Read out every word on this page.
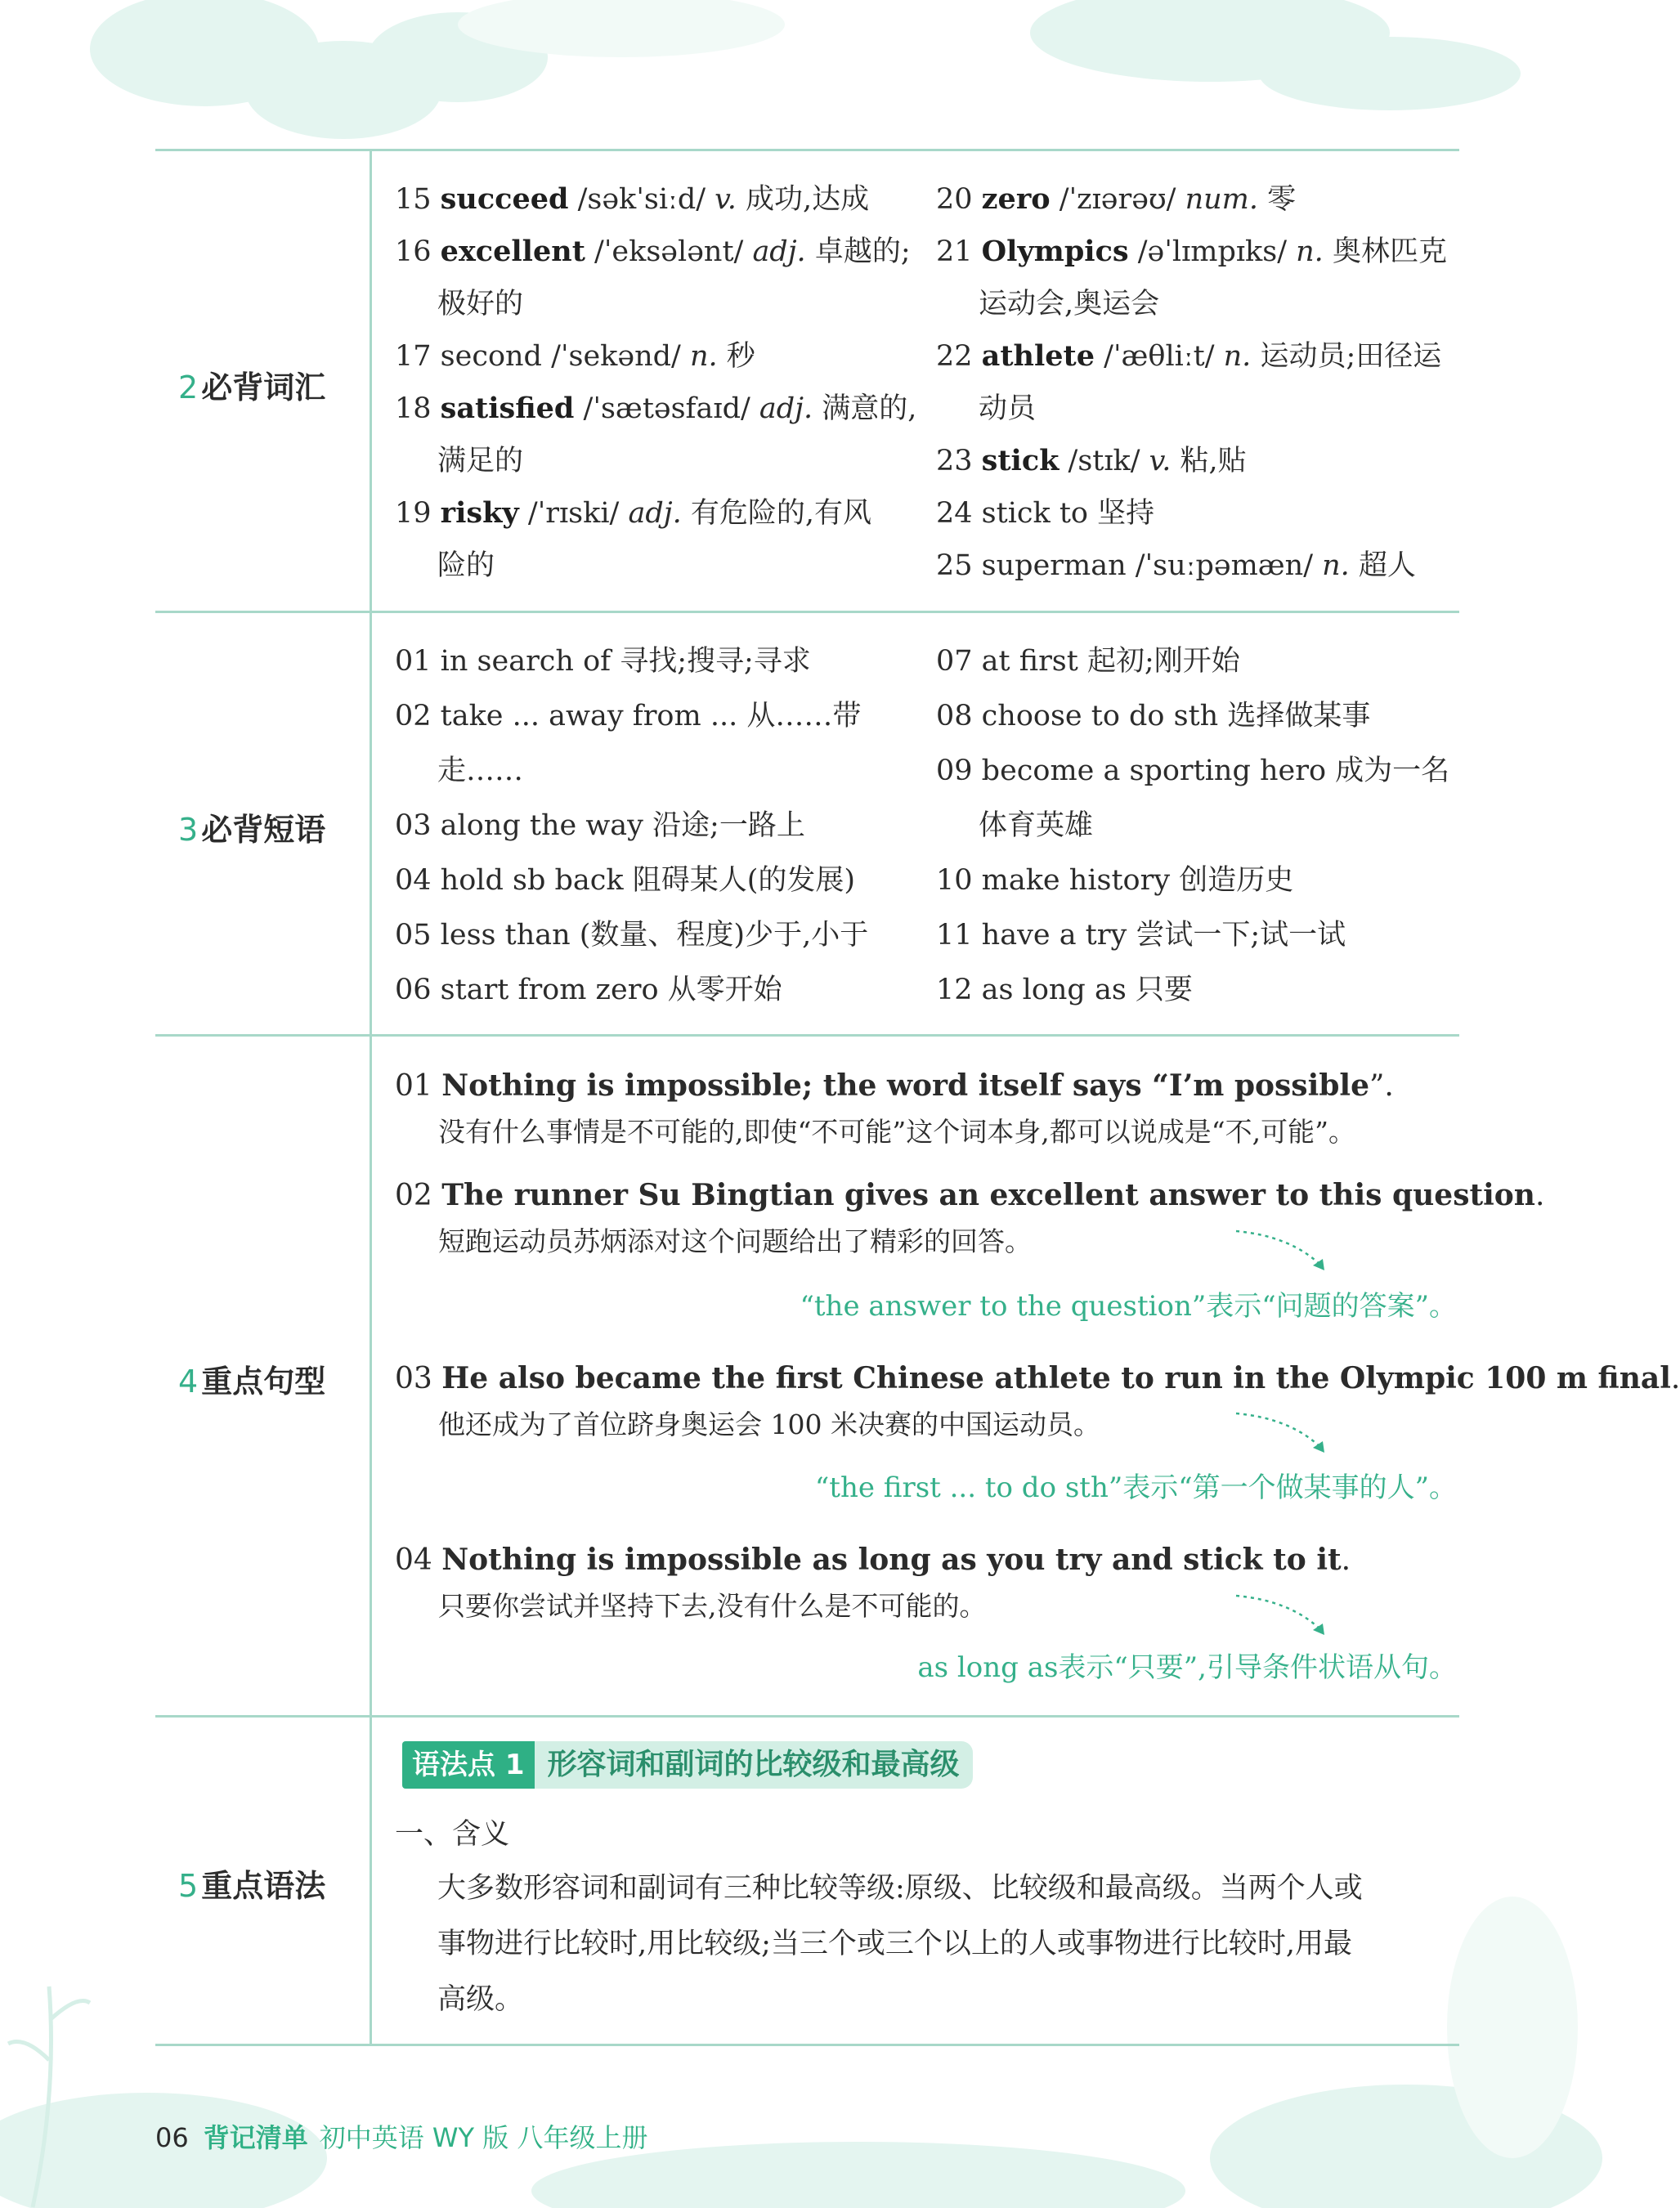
2 必背词汇
15 succeed /səkˈsiːd/ v. 成功,达成
16 excellent /ˈeksələnt/ adj. 卓越的;
极好的
17 second /ˈsekənd/ n. 秒
18 satisfied /ˈsætəsfaɪd/ adj. 满意的,
满足的
19 risky /ˈrɪski/ adj. 有危险的,有风
险的
20 zero /ˈzɪərəʊ/ num. 零
21 Olympics /əˈlɪmpɪks/ n. 奥林匹克
运动会,奥运会
22 athlete /ˈæθliːt/ n. 运动员;田径运
动员
23 stick /stɪk/ v. 粘,贴
24 stick to 坚持
25 superman /ˈsuːpəmæn/ n. 超人
3 必背短语
01 in search of 寻找;搜寻;寻求
02 take ... away from ... 从……带
走……
03 along the way 沿途;一路上
04 hold sb back 阻碍某人(的发展)
05 less than (数量、程度)少于,小于
06 start from zero 从零开始
07 at first 起初;刚开始
08 choose to do sth 选择做某事
09 become a sporting hero 成为一名
体育英雄
10 make history 创造历史
11 have a try 尝试一下;试一试
12 as long as 只要
4 重点句型
01 Nothing is impossible; the word itself says “I’m possible”.
没有什么事情是不可能的,即使“不可能”这个词本身,都可以说成是“不,可能”。
02 The runner Su Bingtian gives an excellent answer to this question.
短跑运动员苏炳添对这个问题给出了精彩的回答。
“the answer to the question”表示“问题的答案”。
03 He also became the first Chinese athlete to run in the Olympic 100 m final.
他还成为了首位跻身奥运会 100 米决赛的中国运动员。
“the first ... to do sth”表示“第一个做某事的人”。
04 Nothing is impossible as long as you try and stick to it.
只要你尝试并坚持下去,没有什么是不可能的。
as long as表示“只要”,引导条件状语从句。
5 重点语法
语法点 1 形容词和副词的比较级和最高级
一、含义
大多数形容词和副词有三种比较等级:原级、比较级和最高级。当两个人或
事物进行比较时,用比较级;当三个或三个以上的人或事物进行比较时,用最
高级。
06 背记清单 初中英语 WY 版 八年级上册
